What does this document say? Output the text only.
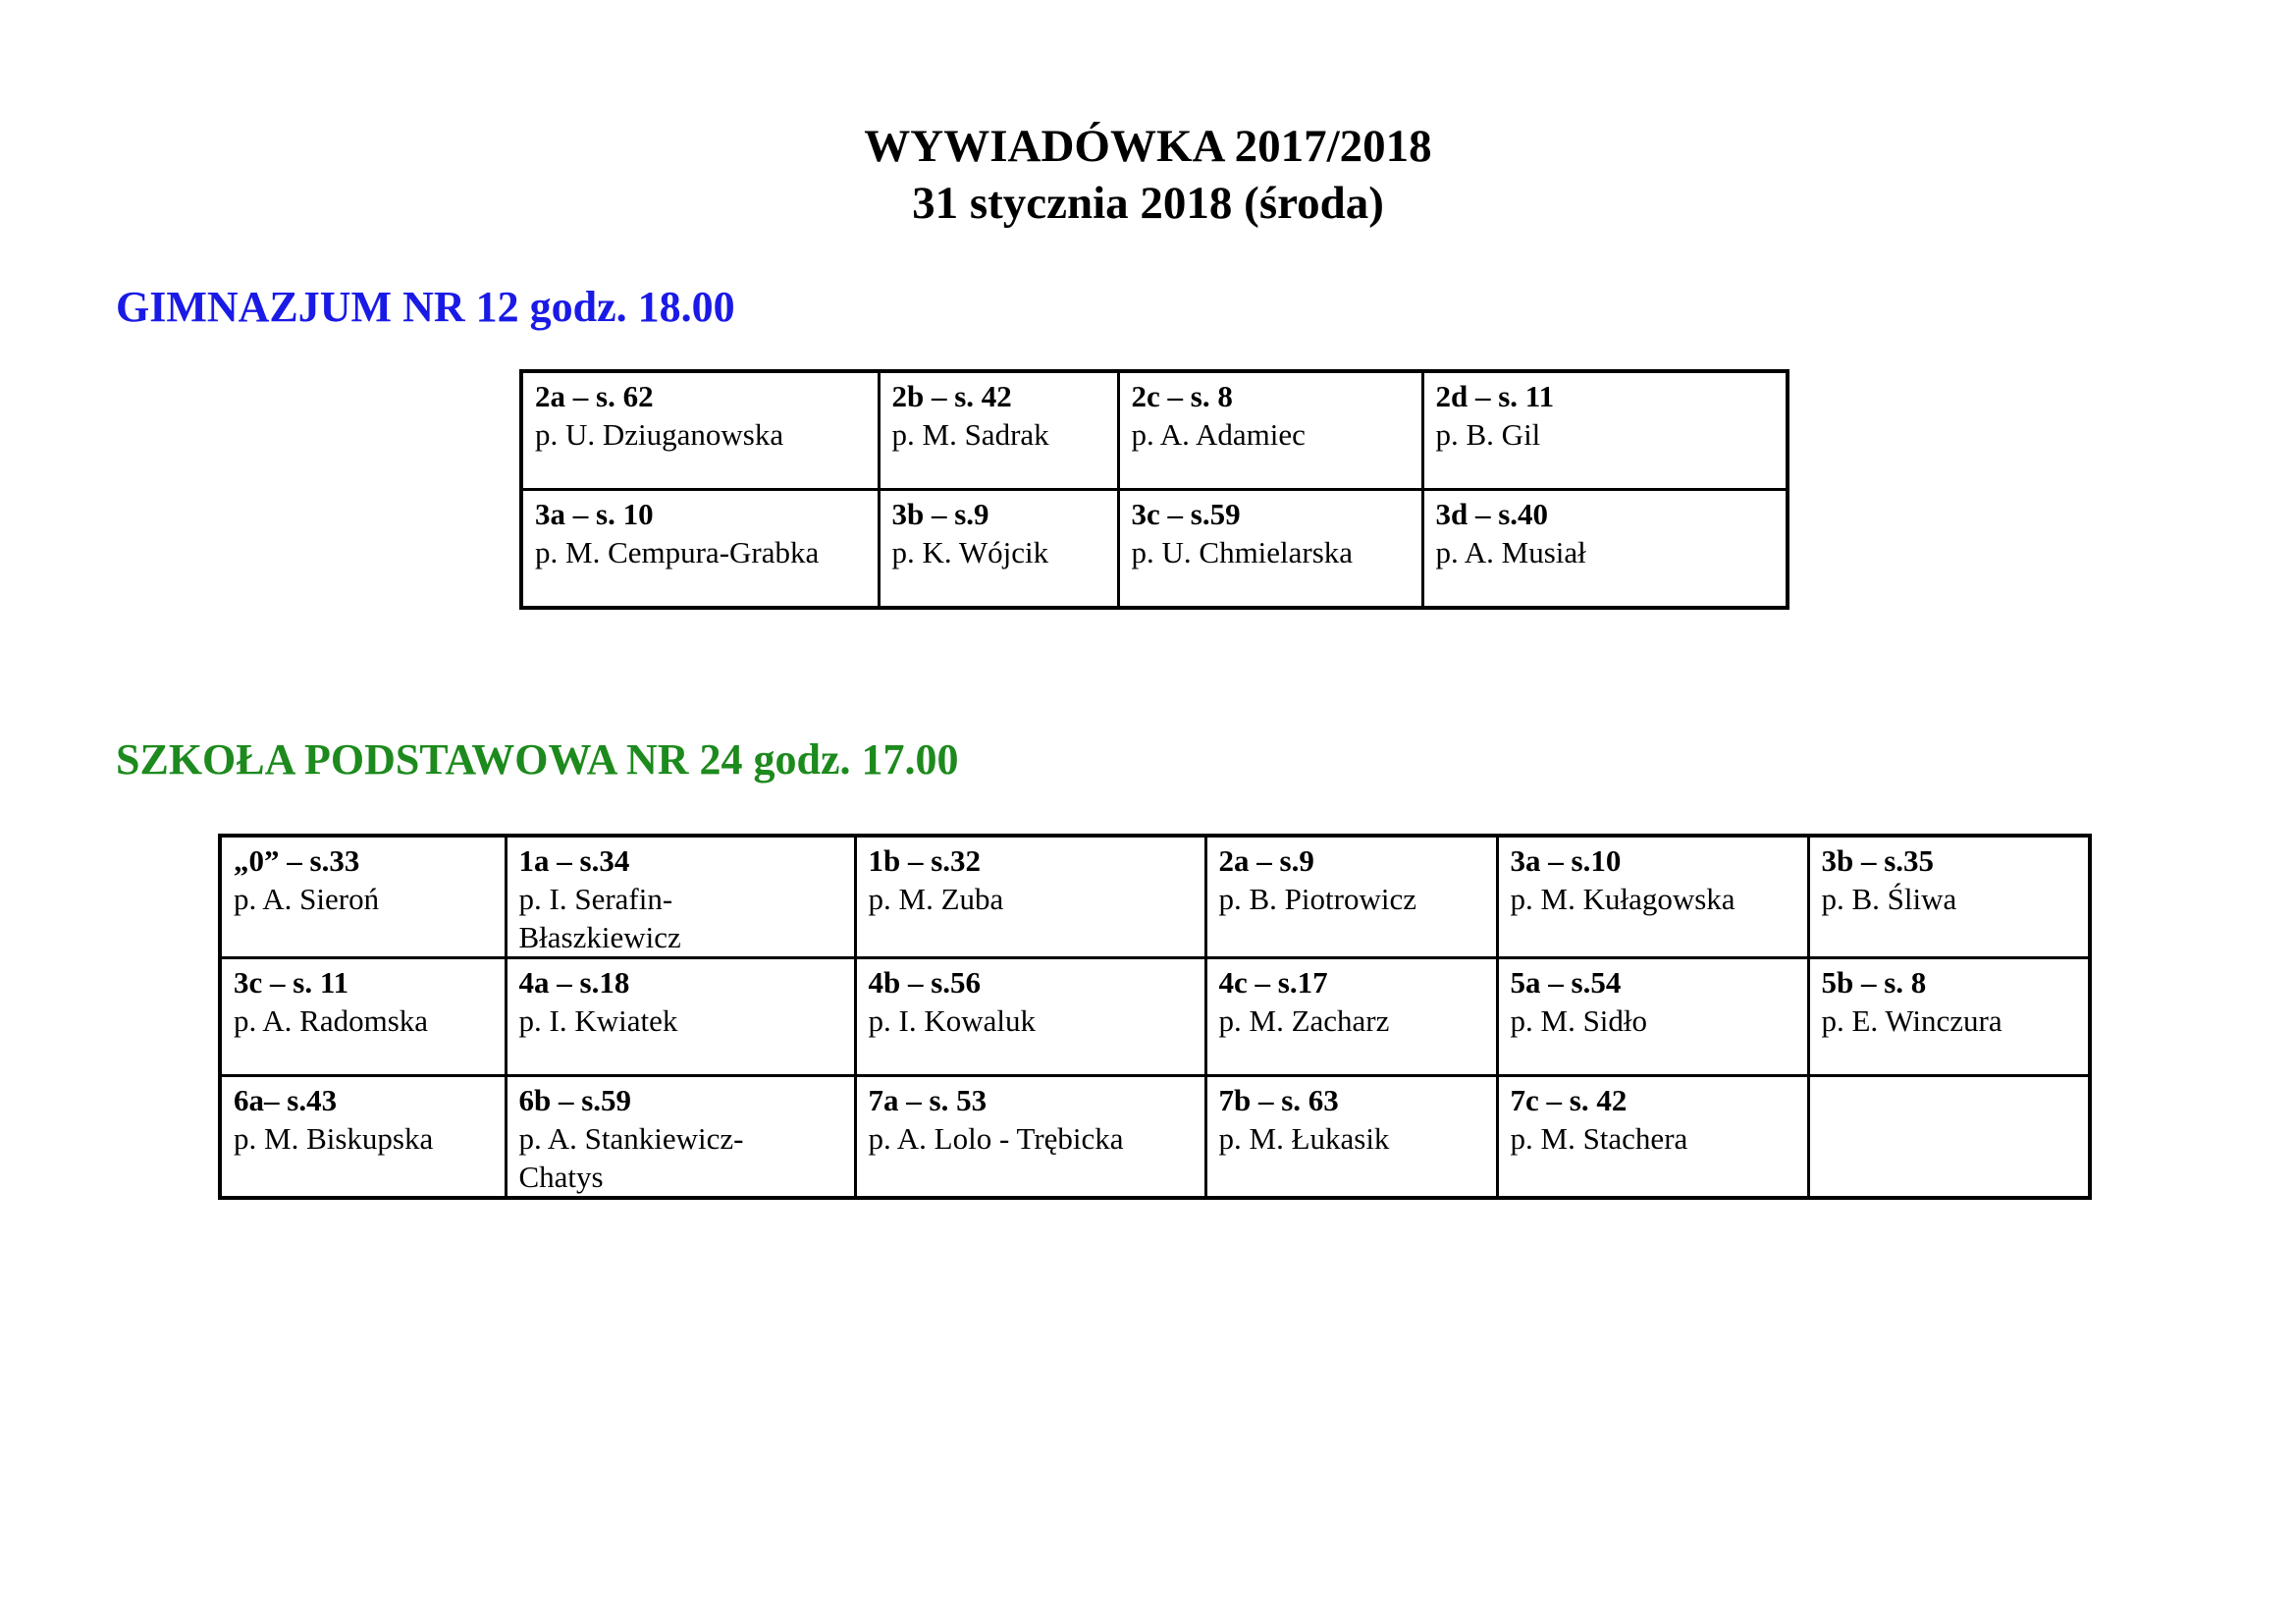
WYWIADÓWKA 2017/2018
31 stycznia 2018 (środa)
GIMNAZJUM NR 12 godz. 18.00
2a – s. 62
p. U. Dziuganowska	2b – s. 42
p. M. Sadrak	2c – s. 8
p. A. Adamiec	2d – s. 11
p. B. Gil

3a – s. 10
p. M. Cempura-Grabka	3b – s.9
p. K. Wójcik	3c – s.59
p. U. Chmielarska	3d – s.40
p. A. Musiał
SZKOŁA PODSTAWOWA NR 24 godz. 17.00
„0” – s.33
p. A. Sieroń	1a – s.34
p. I. Serafin-Błaszkiewicz	1b – s.32
p. M. Zuba	2a – s.9
p. B. Piotrowicz	3a – s.10
p. M. Kułagowska	3b – s.35
p. B. Śliwa

3c – s. 11
p. A. Radomska	4a – s.18
p. I. Kwiatek	4b – s.56
p. I. Kowaluk	4c – s.17
p. M. Zacharz	5a – s.54
p. M. Sidło	5b – s. 8
p. E. Winczura

6a– s.43
p. M. Biskupska	6b – s.59
p. A. Stankiewicz-Chatys	7a – s. 53
p. A. Lolo - Trębicka	7b – s. 63
p. M. Łukasik	7c – s. 42
p. M. Stachera	
